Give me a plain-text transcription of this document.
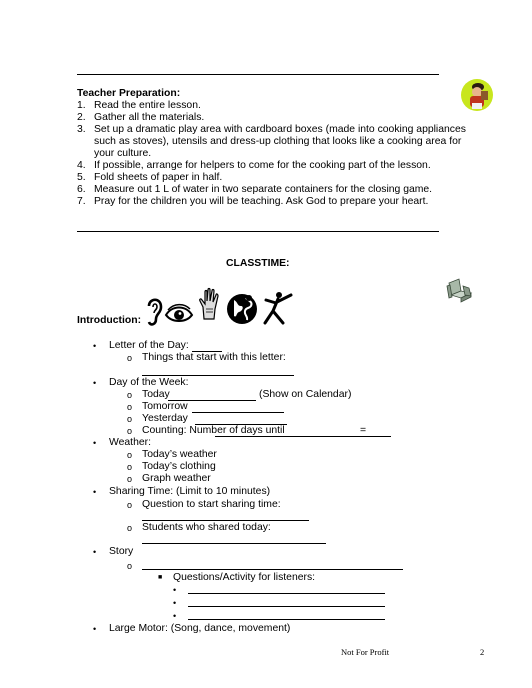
Teacher Preparation:
1. Read the entire lesson.
2. Gather all the materials.
3. Set up a dramatic play area with cardboard boxes (made into cooking appliances
such as stoves), utensils and dress-up clothing that looks like a cooking area for
your culture.
4. If possible, arrange for helpers to come for the cooking part of the lesson.
5. Fold sheets of paper in half.
6. Measure out 1 L of water in two separate containers for the closing game.
7. Pray for the children you will be teaching. Ask God to prepare your heart.
CLASSTIME:
Introduction:
• Letter of the Day:
o Things that start with this letter:
• Day of the Week:
o Today	(Show on Calendar)
o Tomorrow
o Yesterday
o Counting: Number of days until	=
• Weather:
o Today’s weather
o Today’s clothing
o Graph weather
• Sharing Time: (Limit to 10 minutes)
o Question to start sharing time:
o Students who shared today:
• Story
o
■ Questions/Activity for listeners:
•
•
•
• Large Motor: (Song, dance, movement)
Not For Profit	2
